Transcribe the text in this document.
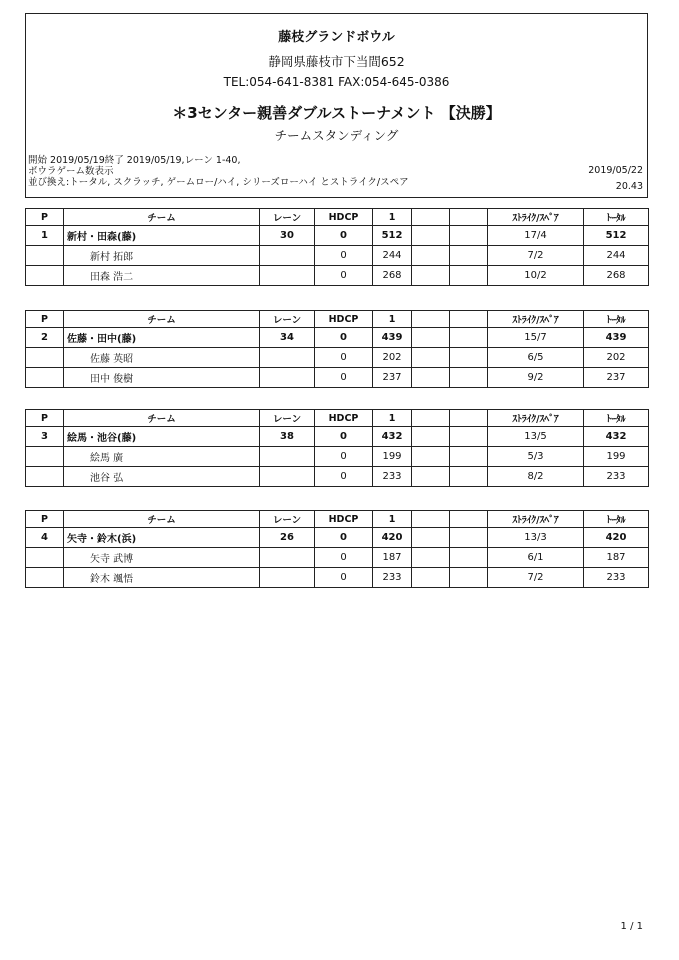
藤枝グランドボウル
静岡県藤枝市下当間652
TEL:054-641-8381 FAX:054-645-0386
＊3センター親善ダブルストーナメント 【決勝】
チームスタンディング
開始 2019/05/19終了 2019/05/19,レーン 1-40,
ボウラゲーム数表示
並び換え:トータル, スクラッチ, ゲームロー/ハイ, シリーズローハイ とストライク/スペア
2019/05/22
20.43
P	チーム	レーン	HDCP	1			ｽﾄﾗｲｸ/ｽﾍﾟｱ	ﾄｰﾀﾙ
1	新村・田森(藤)	30	0	512			17/4	512
	新村 拓郎		0	244			7/2	244
	田森 浩二		0	268			10/2	268
P	チーム	レーン	HDCP	1			ｽﾄﾗｲｸ/ｽﾍﾟｱ	ﾄｰﾀﾙ
2	佐藤・田中(藤)	34	0	439			15/7	439
	佐藤 英昭		0	202			6/5	202
	田中 俊樹		0	237			9/2	237
P	チーム	レーン	HDCP	1			ｽﾄﾗｲｸ/ｽﾍﾟｱ	ﾄｰﾀﾙ
3	絵馬・池谷(藤)	38	0	432			13/5	432
	絵馬 廣		0	199			5/3	199
	池谷 弘		0	233			8/2	233
P	チーム	レーン	HDCP	1			ｽﾄﾗｲｸ/ｽﾍﾟｱ	ﾄｰﾀﾙ
4	矢寺・鈴木(浜)	26	0	420			13/3	420
	矢寺 武博		0	187			6/1	187
	鈴木 颯悟		0	233			7/2	233
1 / 1
